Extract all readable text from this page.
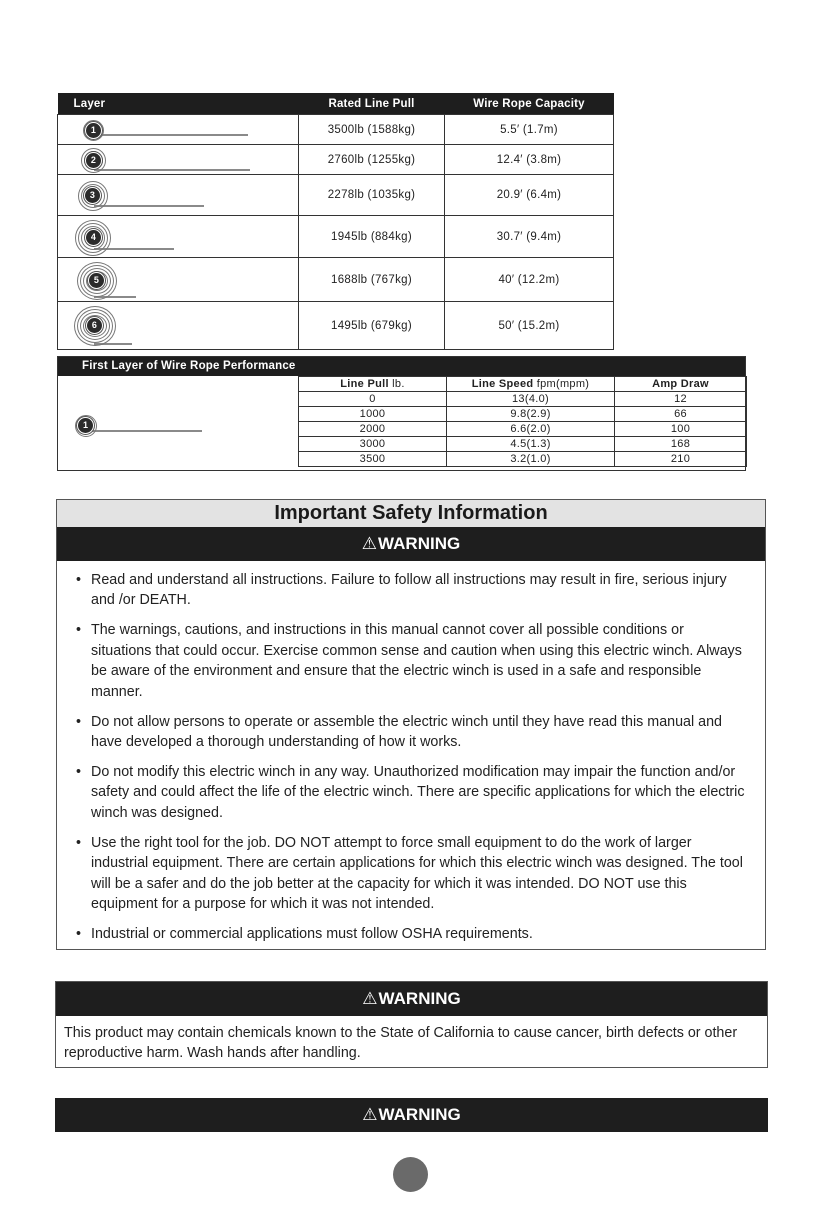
Layer	Rated Line Pull	Wire Rope Capacity

1	3500lb (1588kg)	5.5′ (1.7m)

2	2760lb (1255kg)	12.4′ (3.8m)

3	2278lb (1035kg)	20.9′ (6.4m)

4	1945lb (884kg)	30.7′ (9.4m)

5	1688lb (767kg)	40′ (12.2m)

6	1495lb (679kg)	50′ (15.2m)
First Layer of Wire Rope Performance
1
Line Pull lb.	Line Speed fpm(mpm)	Amp Draw
0	13(4.0)	12
1000	9.8(2.9)	66
2000	6.6(2.0)	100
3000	4.5(1.3)	168
3500	3.2(1.0)	210
Important Safety Information
⚠WARNING
• Read and understand all instructions. Failure to follow all instructions may result in fire, serious injury and /or DEATH.
• The warnings, cautions, and instructions in this manual cannot cover all possible conditions or situations that could occur. Exercise common sense and caution when using this electric winch. Always be aware of the environment and ensure that the electric winch is used in a safe and responsible manner.
• Do not allow persons to operate or assemble the electric winch until they have read this manual and have developed a thorough understanding of how it works.
• Do not modify this electric winch in any way. Unauthorized modification may impair the function and/or safety and could affect the life of the electric winch. There are specific applications for which the electric winch was designed.
• Use the right tool for the job. DO NOT attempt to force small equipment to do the work of larger industrial equipment. There are certain applications for which this electric winch was designed. The tool will be a safer and do the job better at the capacity for which it was intended. DO NOT use this equipment for a purpose for which it was not intended.
• Industrial or commercial applications must follow OSHA requirements.
⚠WARNING
This product may contain chemicals known to the State of California to cause cancer, birth defects or other reproductive harm. Wash hands after handling.
⚠WARNING
